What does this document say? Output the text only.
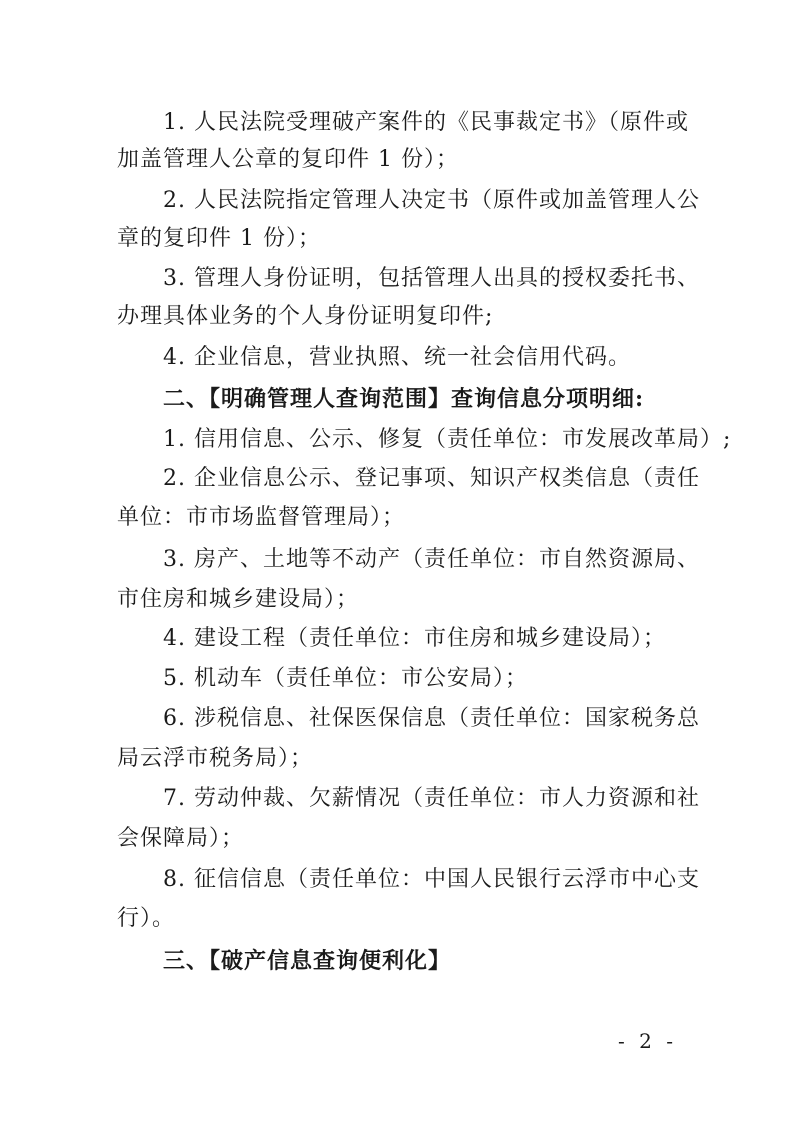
1. 人民法院受理破产案件的《民事裁定书》（原件或
加盖管理人公章的复印件 1 份）；
2. 人民法院指定管理人决定书（原件或加盖管理人公
章的复印件 1 份）；
3. 管理人身份证明，包括管理人出具的授权委托书、
办理具体业务的个人身份证明复印件;
4. 企业信息，营业执照、统一社会信用代码。
二、【明确管理人查询范围】查询信息分项明细:
1. 信用信息、公示、修复（责任单位：市发展改革局）;
2. 企业信息公示、登记事项、知识产权类信息（责任
单位：市市场监督管理局）；
3. 房产、土地等不动产（责任单位：市自然资源局、
市住房和城乡建设局）；
4. 建设工程（责任单位：市住房和城乡建设局）；
5. 机动车（责任单位：市公安局）；
6. 涉税信息、社保医保信息（责任单位：国家税务总
局云浮市税务局）；
7. 劳动仲裁、欠薪情况（责任单位：市人力资源和社
会保障局）；
8. 征信信息（责任单位：中国人民银行云浮市中心支
行）。
三、【破产信息查询便利化】
- 2 -
